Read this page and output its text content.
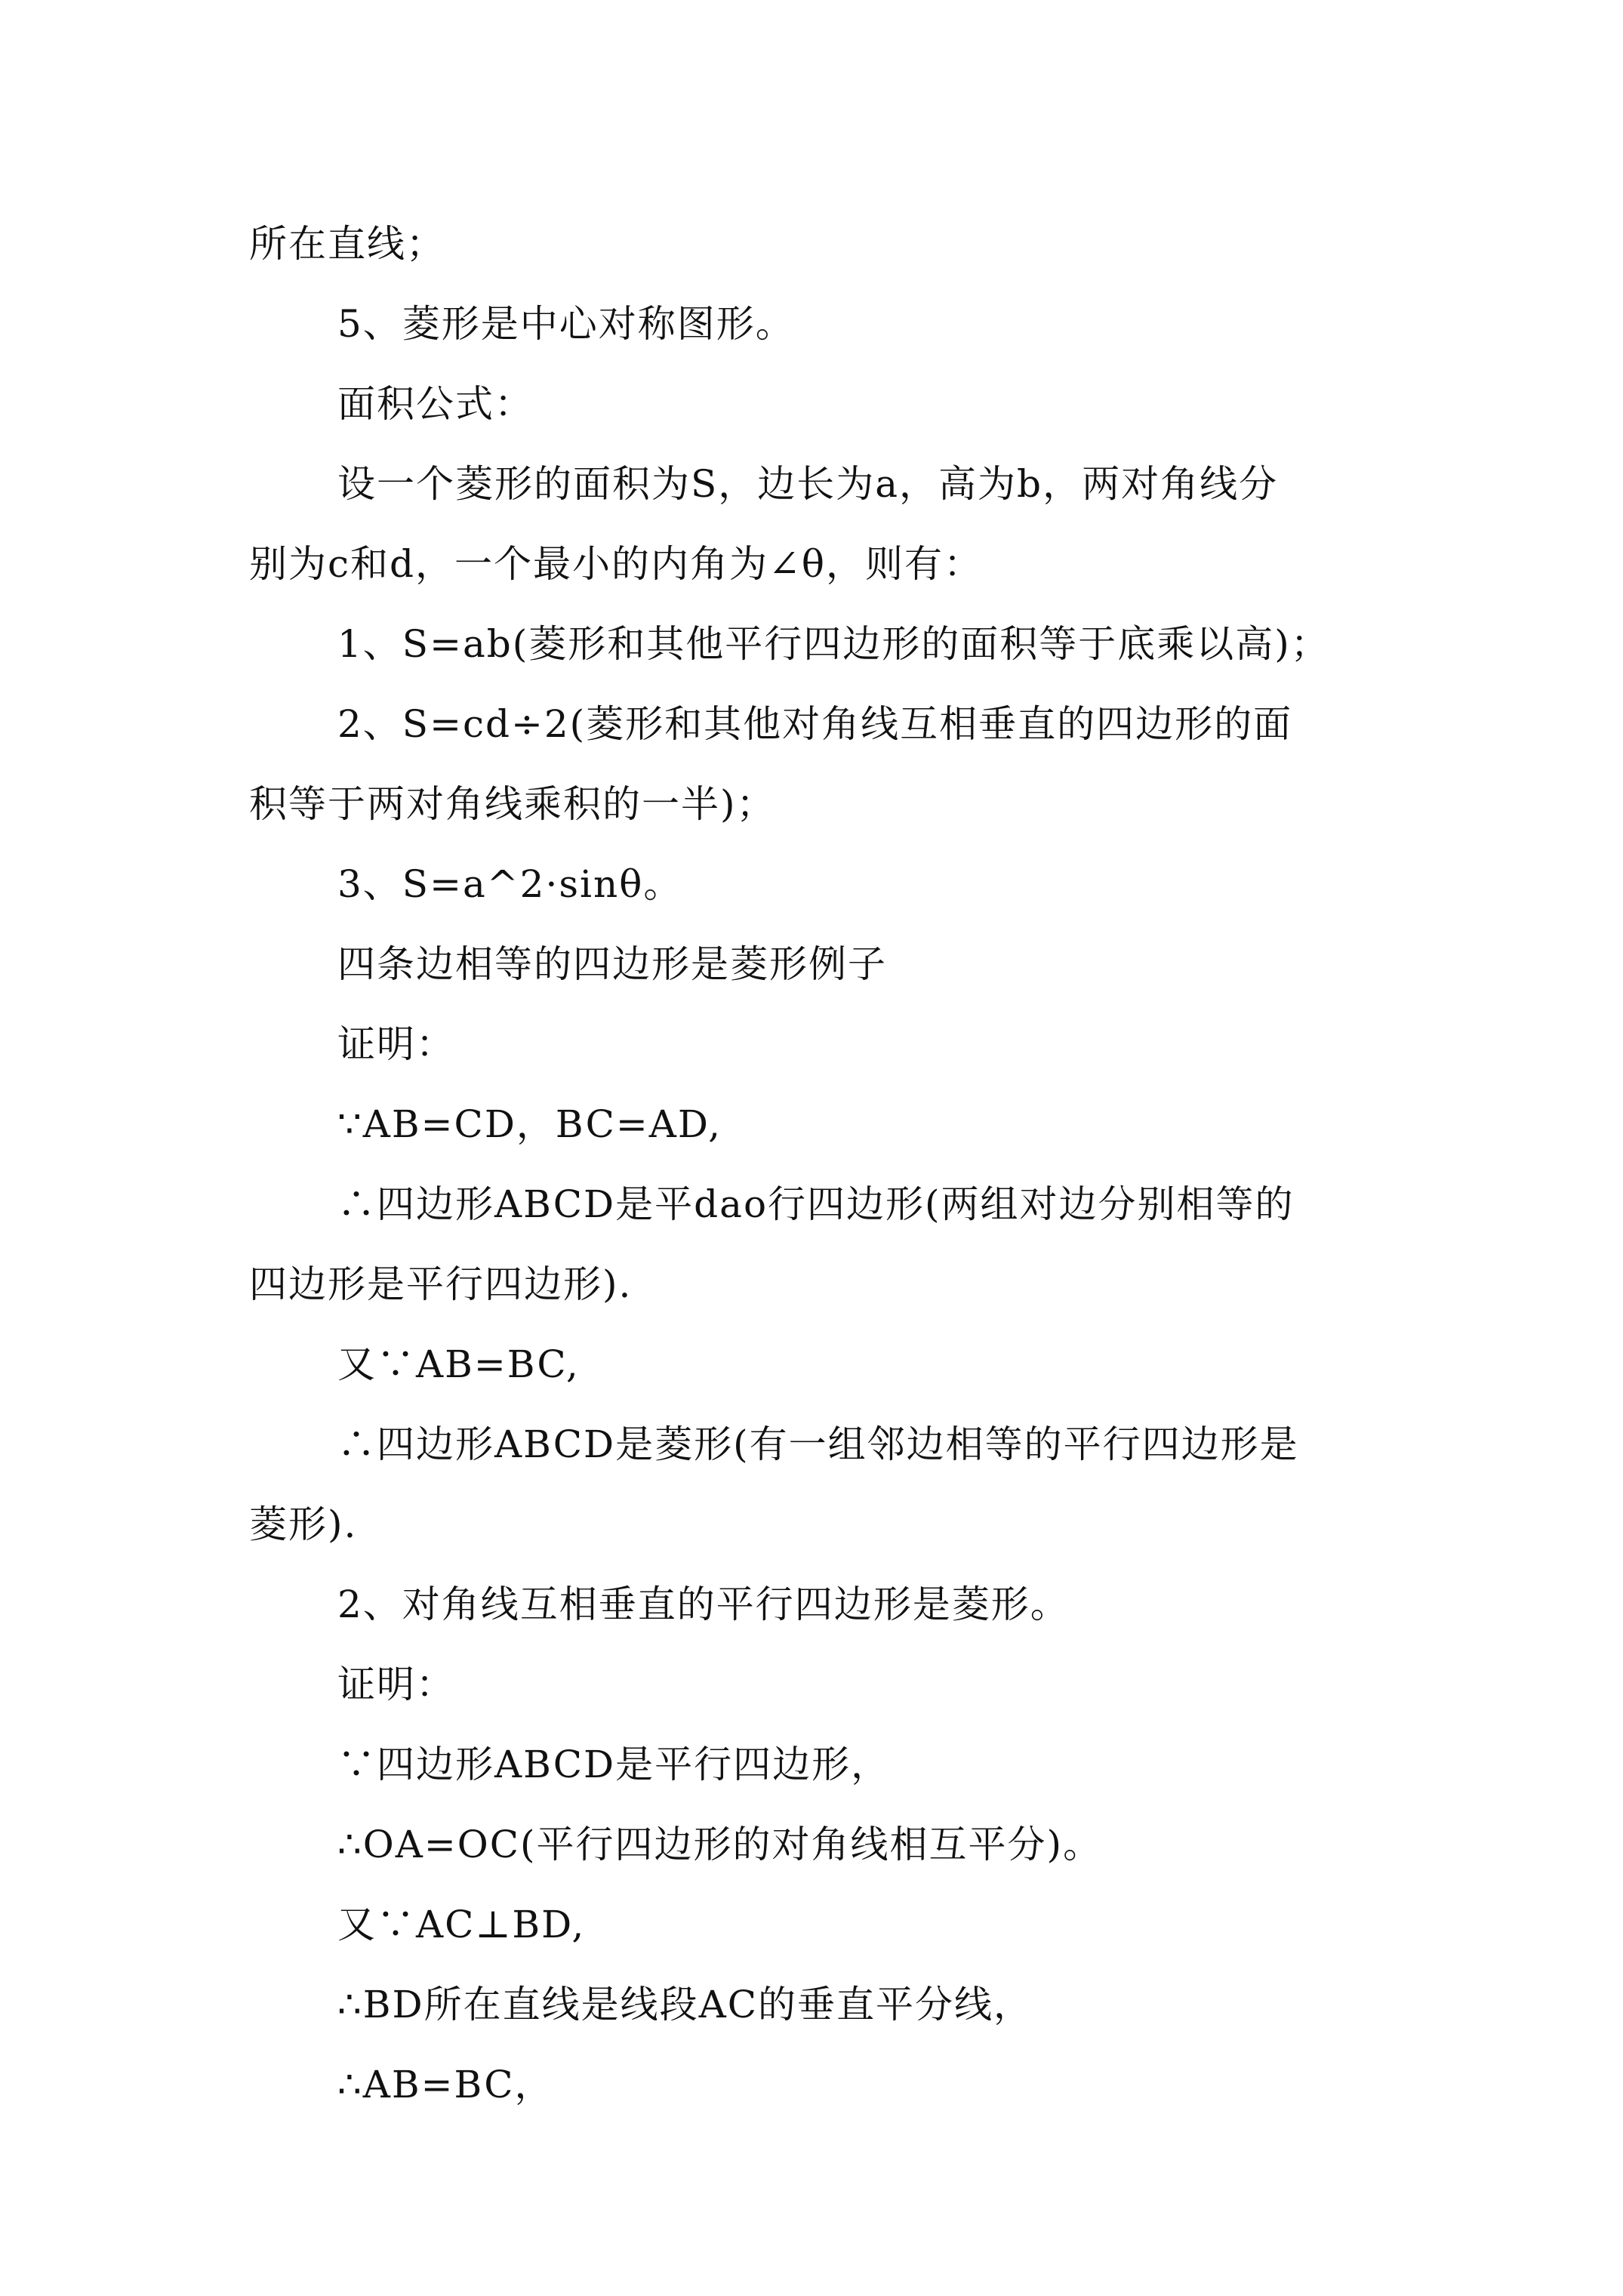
所在直线；
5、菱形是中心对称图形。
面积公式：
设一个菱形的面积为S，边长为a，高为b，两对角线分
别为c和d，一个最小的内角为∠θ，则有：
1、S=ab(菱形和其他平行四边形的面积等于底乘以高)；
2、S=cd÷2(菱形和其他对角线互相垂直的四边形的面
积等于两对角线乘积的一半)；
3、S=a^2·sinθ。
四条边相等的四边形是菱形例子
证明：
∵AB=CD，BC=AD,
∴四边形ABCD是平dao行四边形(两组对边分别相等的
四边形是平行四边形).
又∵AB=BC,
∴四边形ABCD是菱形(有一组邻边相等的平行四边形是
菱形).
2、对角线互相垂直的平行四边形是菱形。
证明：
∵四边形ABCD是平行四边形，
∴OA=OC(平行四边形的对角线相互平分)。
又∵AC⊥BD,
∴BD所在直线是线段AC的垂直平分线，
∴AB=BC，
